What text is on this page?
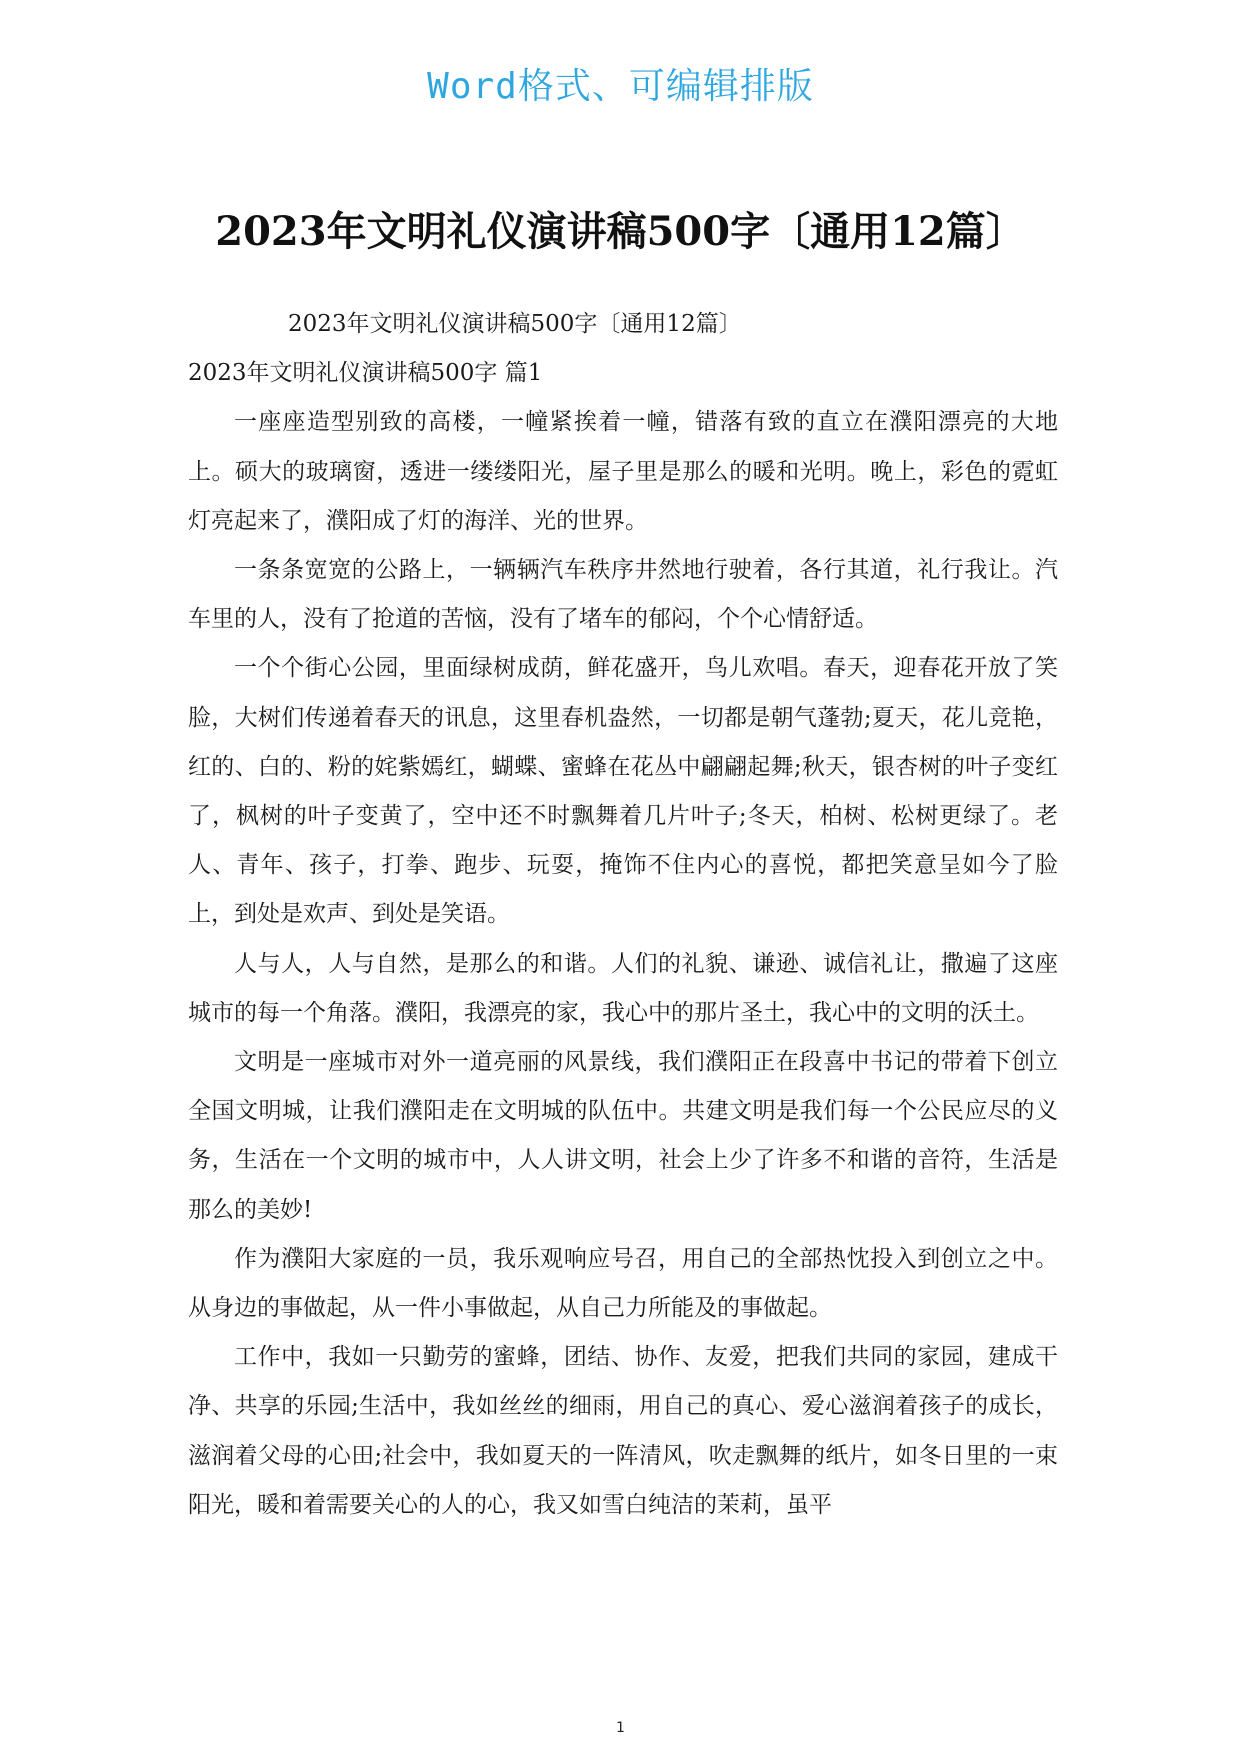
Word格式、可编辑排版
2023年文明礼仪演讲稿500字〔通用12篇〕

2023年文明礼仪演讲稿500字〔通用12篇〕

2023年文明礼仪演讲稿500字 篇1

一座座造型别致的高楼，一幢紧挨着一幢，错落有致的直立在濮阳漂亮的大地上。硕大的玻璃窗，透进一缕缕阳光，屋子里是那么的暖和光明。晚上，彩色的霓虹灯亮起来了，濮阳成了灯的海洋、光的世界。

一条条宽宽的公路上，一辆辆汽车秩序井然地行驶着，各行其道，礼行我让。汽车里的人，没有了抢道的苦恼，没有了堵车的郁闷，个个心情舒适。

一个个街心公园，里面绿树成荫，鲜花盛开，鸟儿欢唱。春天，迎春花开放了笑脸，大树们传递着春天的讯息，这里春机盎然，一切都是朝气蓬勃;夏天，花儿竞艳，红的、白的、粉的姹紫嫣红，蝴蝶、蜜蜂在花丛中翩翩起舞;秋天，银杏树的叶子变红了，枫树的叶子变黄了，空中还不时飘舞着几片叶子;冬天，柏树、松树更绿了。老人、青年、孩子，打拳、跑步、玩耍，掩饰不住内心的喜悦，都把笑意呈如今了脸上，到处是欢声、到处是笑语。

人与人，人与自然，是那么的和谐。人们的礼貌、谦逊、诚信礼让，撒遍了这座城市的每一个角落。濮阳，我漂亮的家，我心中的那片圣土，我心中的文明的沃土。

文明是一座城市对外一道亮丽的风景线，我们濮阳正在段喜中书记的带着下创立全国文明城，让我们濮阳走在文明城的队伍中。共建文明是我们每一个公民应尽的义务，生活在一个文明的城市中，人人讲文明，社会上少了许多不和谐的音符，生活是那么的美妙!

作为濮阳大家庭的一员，我乐观响应号召，用自己的全部热忱投入到创立之中。从身边的事做起，从一件小事做起，从自己力所能及的事做起。

工作中，我如一只勤劳的蜜蜂，团结、协作、友爱，把我们共同的家园，建成干净、共享的乐园;生活中，我如丝丝的细雨，用自己的真心、爱心滋润着孩子的成长，滋润着父母的心田;社会中，我如夏天的一阵清风，吹走飘舞的纸片，如冬日里的一束阳光，暖和着需要关心的人的心，我又如雪白纯洁的茉莉，虽平

1
